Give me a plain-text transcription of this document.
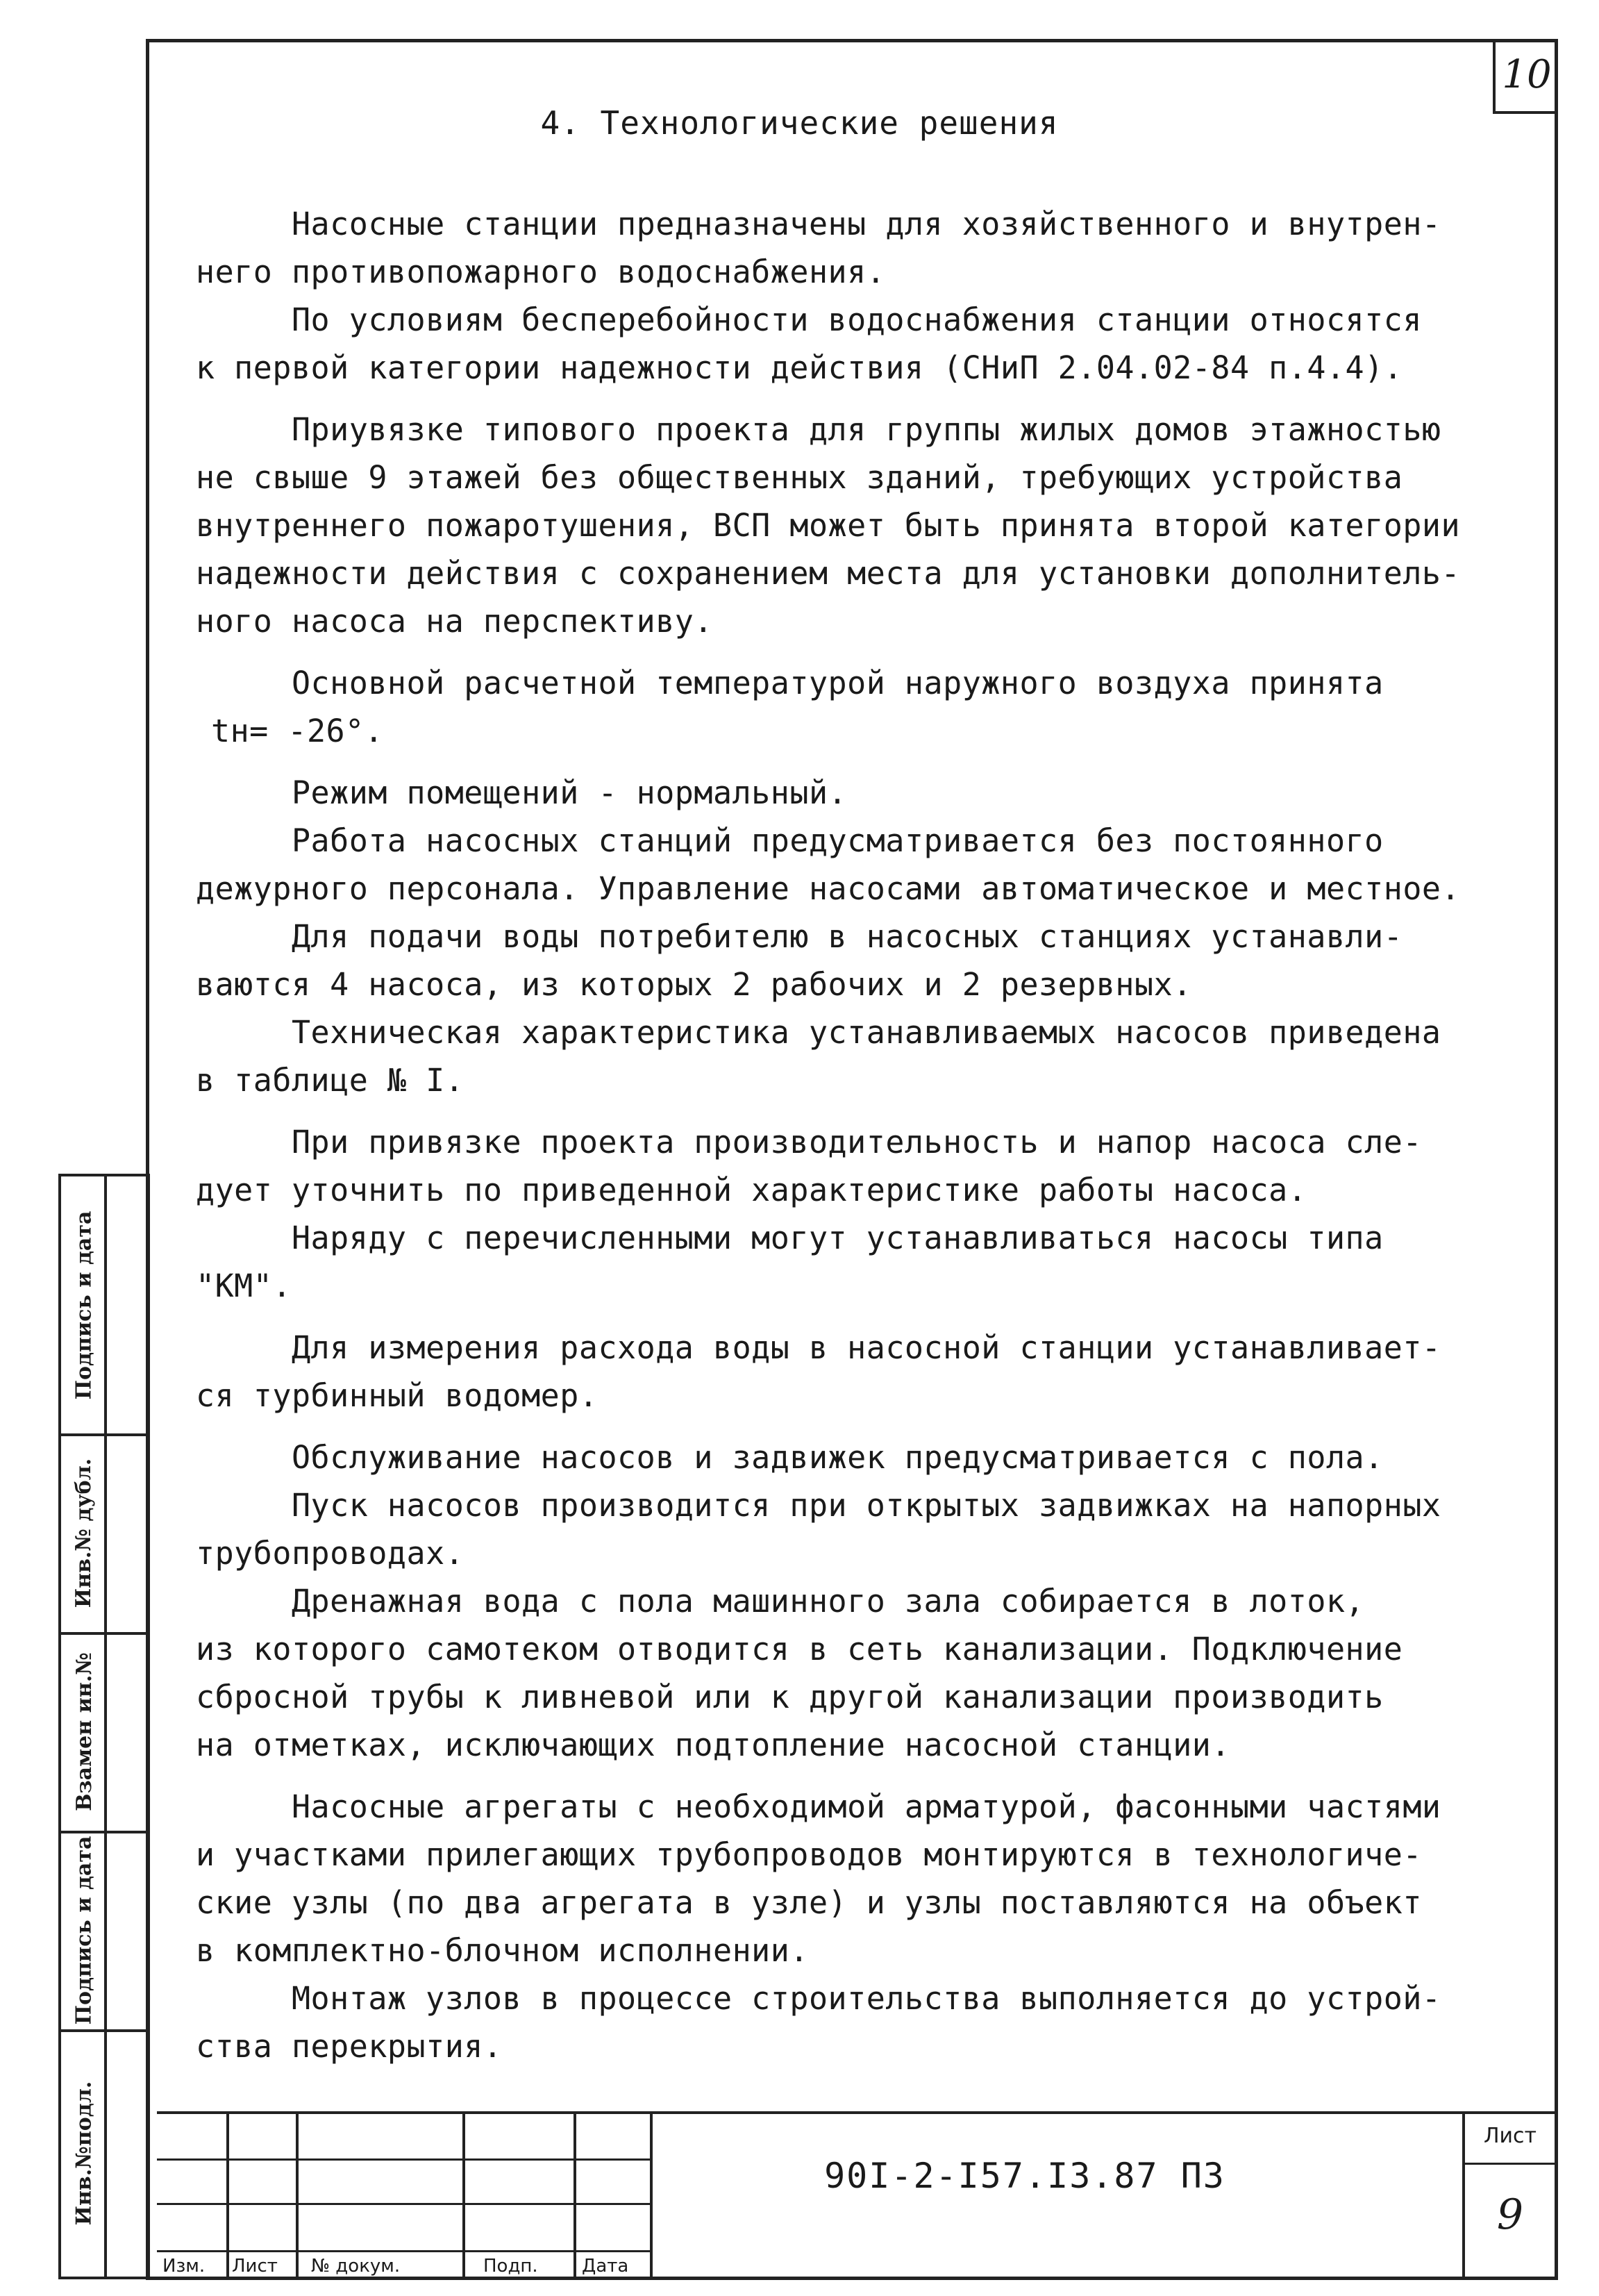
10
4. Технологические решения
Насосные станции предназначены для хозяйственного и внутрен-
него противопожарного водоснабжения.
По условиям бесперебойности водоснабжения станции относятся
к первой категории надежности действия (СНиП 2.04.02-84 п.4.4).
Приувязке типового проекта для группы жилых домов этажностью
не свыше 9 этажей без общественных зданий, требующих устройства
внутреннего пожаротушения, ВСП может быть принята второй категории
надежности действия с сохранением места для установки дополнитель-
ного насоса на перспективу.
Основной расчетной температурой наружного воздуха принята
tн= -26°.
Режим помещений - нормальный.
Работа насосных станций предусматривается без постоянного
дежурного персонала. Управление насосами автоматическое и местное.
Для подачи воды потребителю в насосных станциях устанавли-
ваются 4 насоса, из которых 2 рабочих и 2 резервных.
Техническая характеристика устанавливаемых насосов приведена
в таблице № I.
При привязке проекта производительность и напор насоса сле-
дует уточнить по приведенной характеристике работы насоса.
Наряду с перечисленными могут устанавливаться насосы типа
"КМ".
Для измерения расхода воды в насосной станции устанавливает-
ся турбинный водомер.
Обслуживание насосов и задвижек предусматривается с пола.
Пуск насосов производится при открытых задвижках на напорных
трубопроводах.
Дренажная вода с пола машинного зала собирается в лоток,
из которого самотеком отводится в сеть канализации. Подключение
сбросной трубы к ливневой или к другой канализации производить
на отметках, исключающих подтопление насосной станции.
Насосные агрегаты с необходимой арматурой, фасонными частями
и участками прилегающих трубопроводов монтируются в технологиче-
ские узлы (по два агрегата в узле) и узлы поставляются на объект
в комплектно-блочном исполнении.
Монтаж узлов в процессе строительства выполняется до устрой-
ства перекрытия.
Подпись и дата
Инв.№ дубл.
Взамен ин.№
Подпись и дата
Инв.№подл.
Изм. Лист № докум.	Подп. Дата
90I-2-I57.I3.87 ПЗ
Лист
9
